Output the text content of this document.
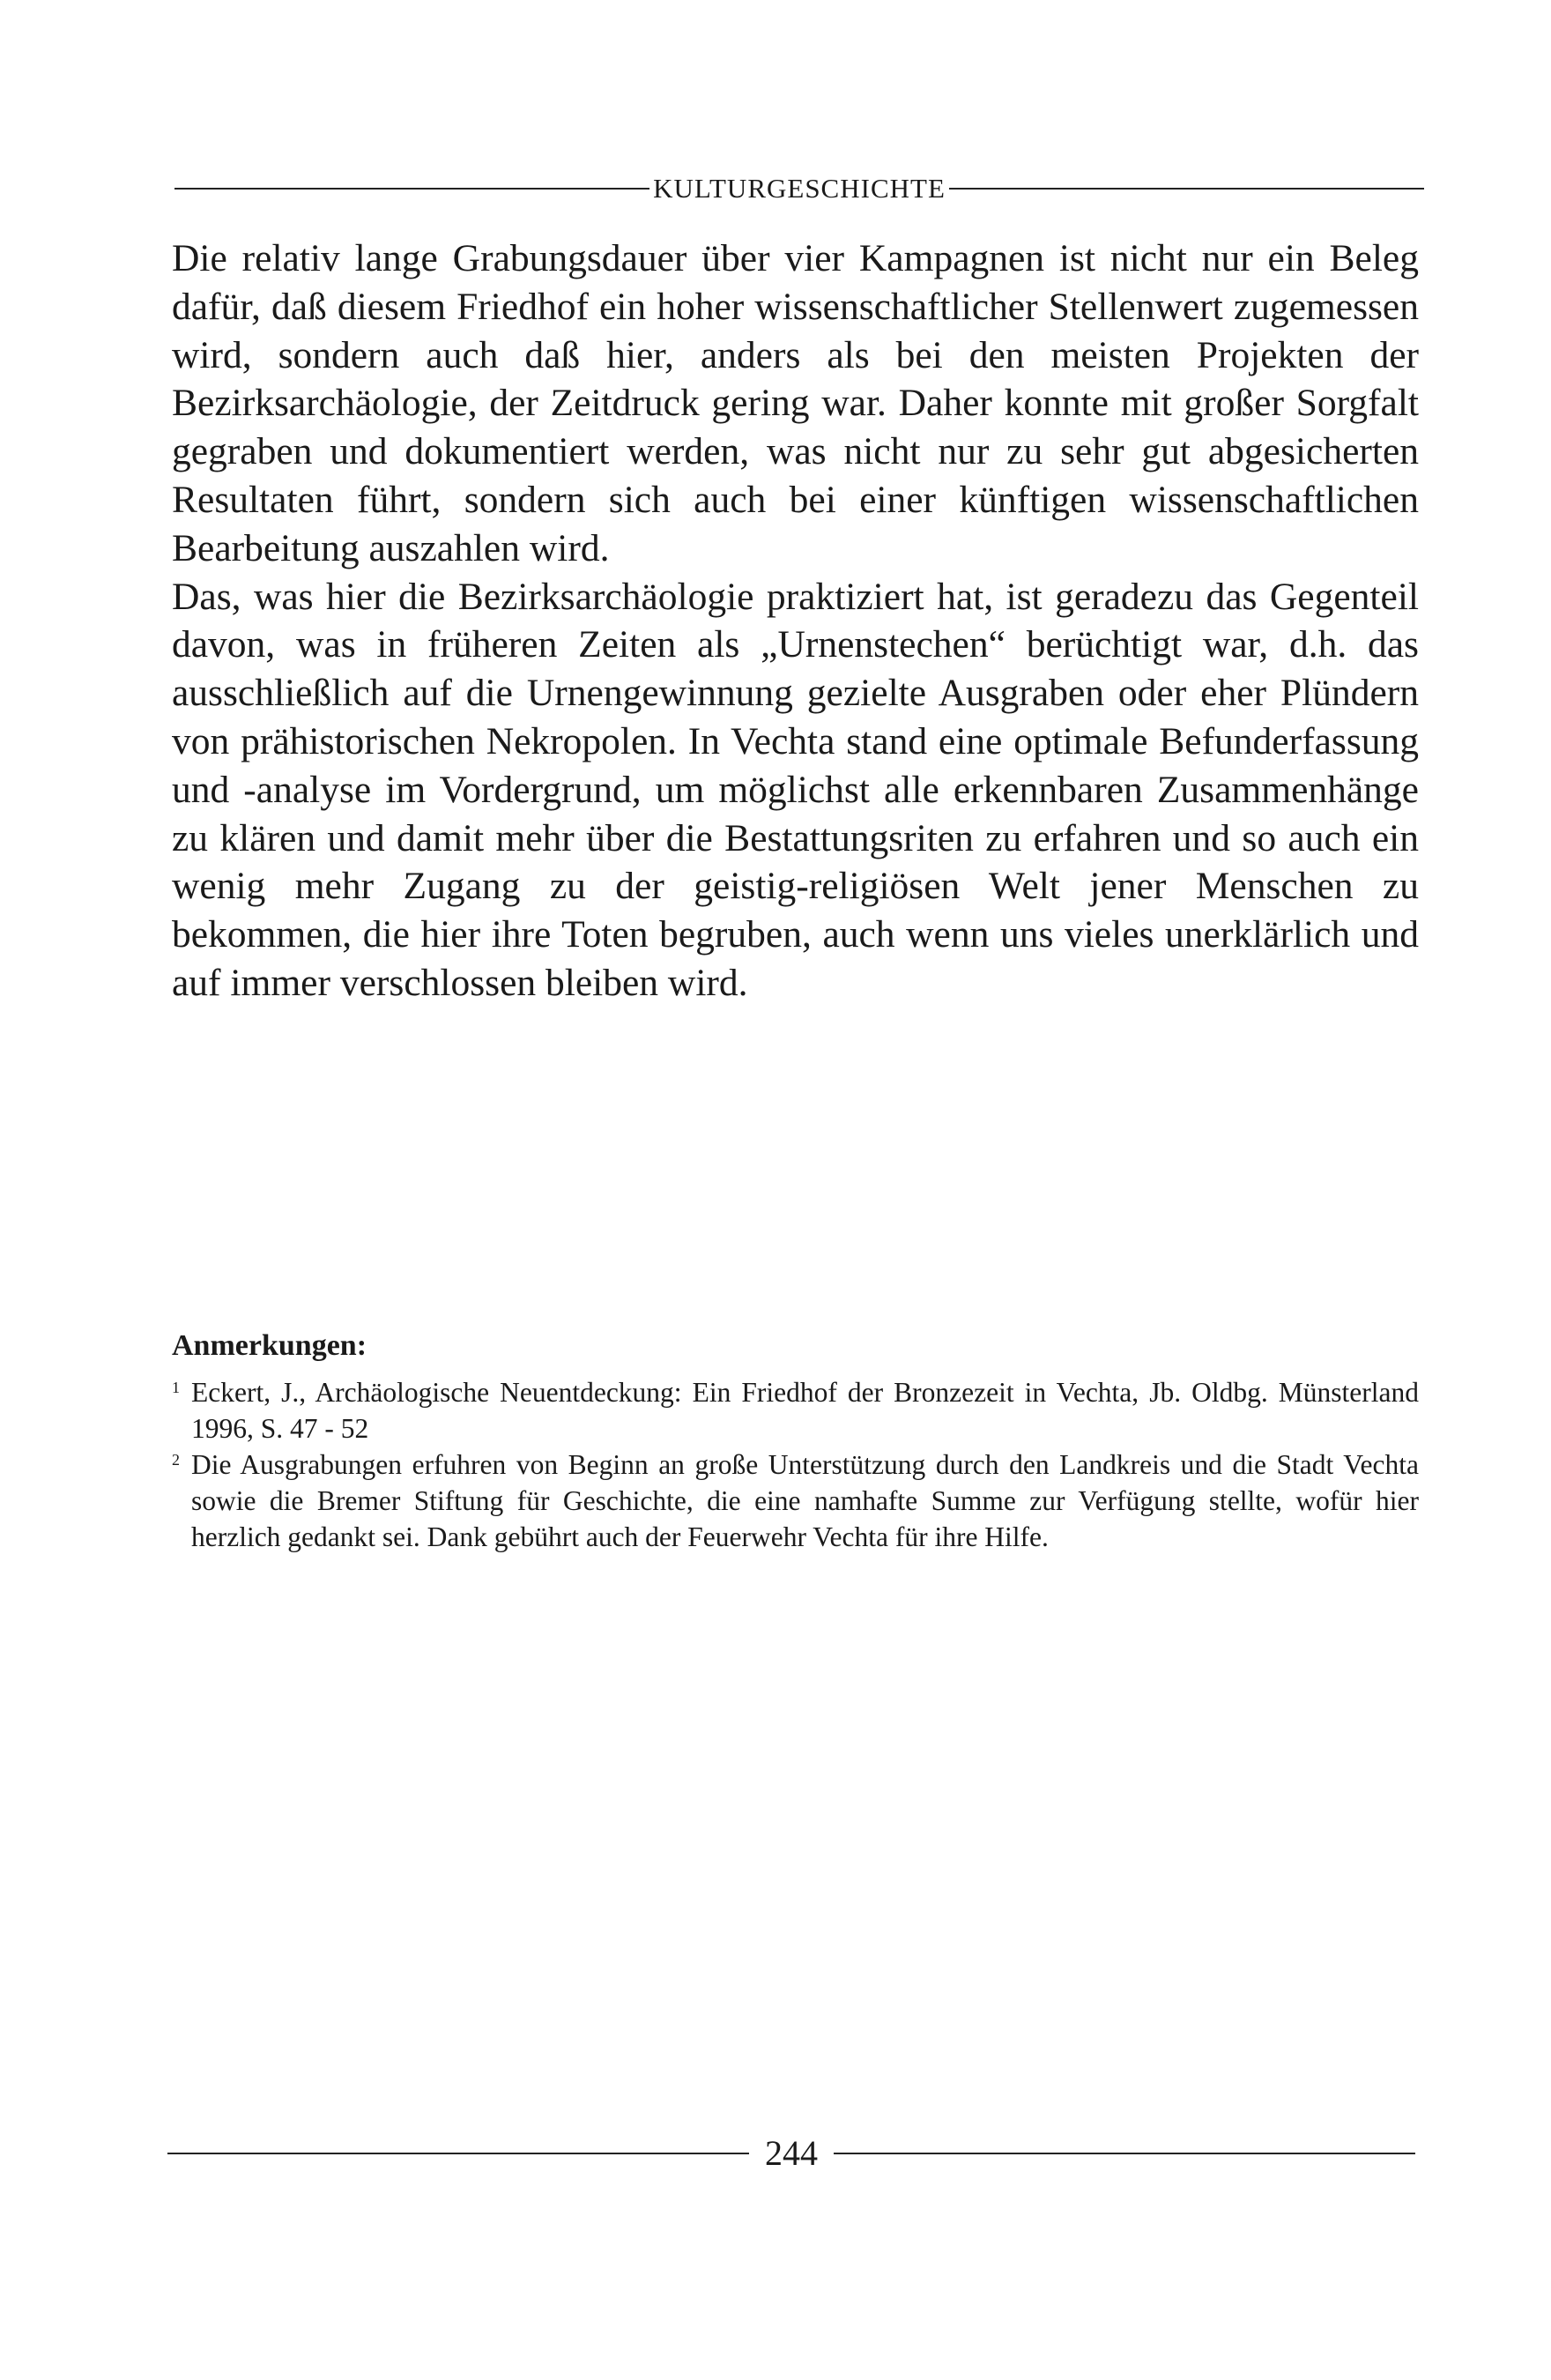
KULTURGESCHICHTE

Die relativ lange Grabungsdauer über vier Kampagnen ist nicht nur ein Beleg dafür, daß diesem Friedhof ein hoher wissenschaftlicher Stellenwert zugemessen wird, sondern auch daß hier, anders als bei den meisten Projekten der Bezirksarchäologie, der Zeitdruck gering war. Daher konnte mit großer Sorgfalt gegraben und dokumentiert werden, was nicht nur zu sehr gut abgesicherten Resultaten führt, sondern sich auch bei einer künftigen wissenschaftlichen Bearbeitung auszahlen wird.

Das, was hier die Bezirksarchäologie praktiziert hat, ist geradezu das Gegenteil davon, was in früheren Zeiten als „Urnenstechen“ berüchtigt war, d.h. das ausschließlich auf die Urnengewinnung gezielte Ausgraben oder eher Plündern von prähistorischen Nekropolen. In Vechta stand eine optimale Befunderfassung und -analyse im Vordergrund, um möglichst alle erkennbaren Zusammenhänge zu klären und damit mehr über die Bestattungsriten zu erfahren und so auch ein wenig mehr Zugang zu der geistig-religiösen Welt jener Menschen zu bekommen, die hier ihre Toten begruben, auch wenn uns vieles unerklärlich und auf immer verschlossen bleiben wird.

Anmerkungen:
1 Eckert, J., Archäologische Neuentdeckung: Ein Friedhof der Bronzezeit in Vechta, Jb. Oldbg. Münsterland 1996, S. 47 - 52
2 Die Ausgrabungen erfuhren von Beginn an große Unterstützung durch den Landkreis und die Stadt Vechta sowie die Bremer Stiftung für Geschichte, die eine namhafte Summe zur Verfügung stellte, wofür hier herzlich gedankt sei. Dank gebührt auch der Feuerwehr Vechta für ihre Hilfe.
244
